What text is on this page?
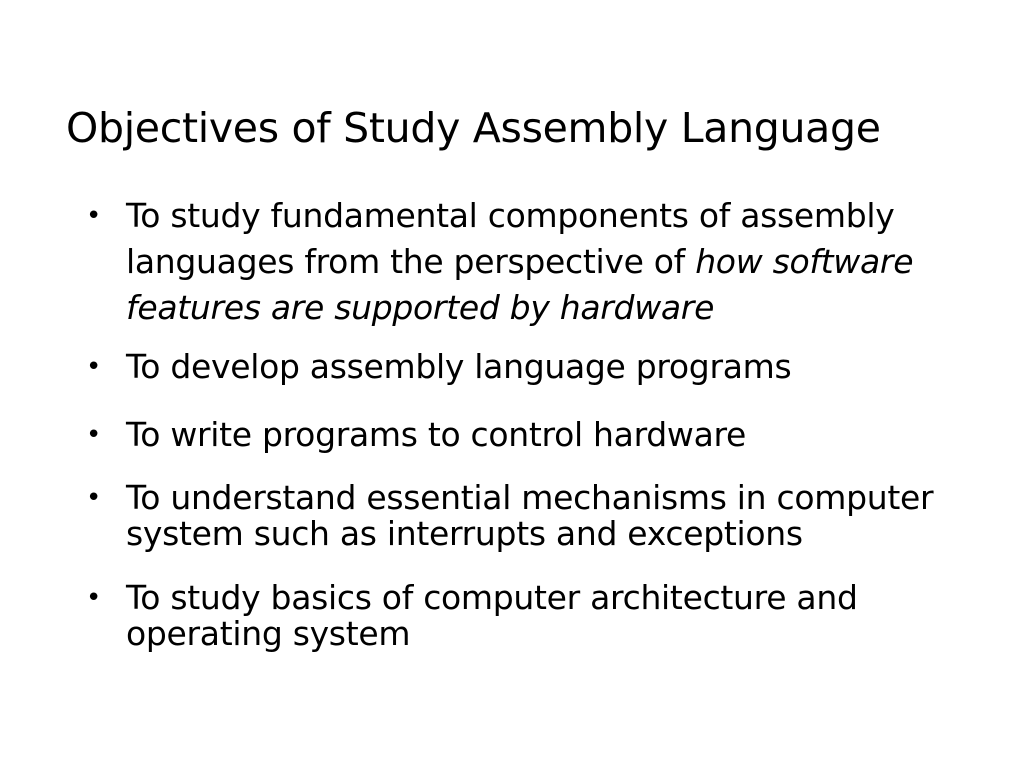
Objectives of Study Assembly Language
• To study fundamental components of assembly languages from the perspective of how software features are supported by hardware
• To develop assembly language programs
• To write programs to control hardware
• To understand essential mechanisms in computer system such as interrupts and exceptions
• To study basics of computer architecture and operating system
